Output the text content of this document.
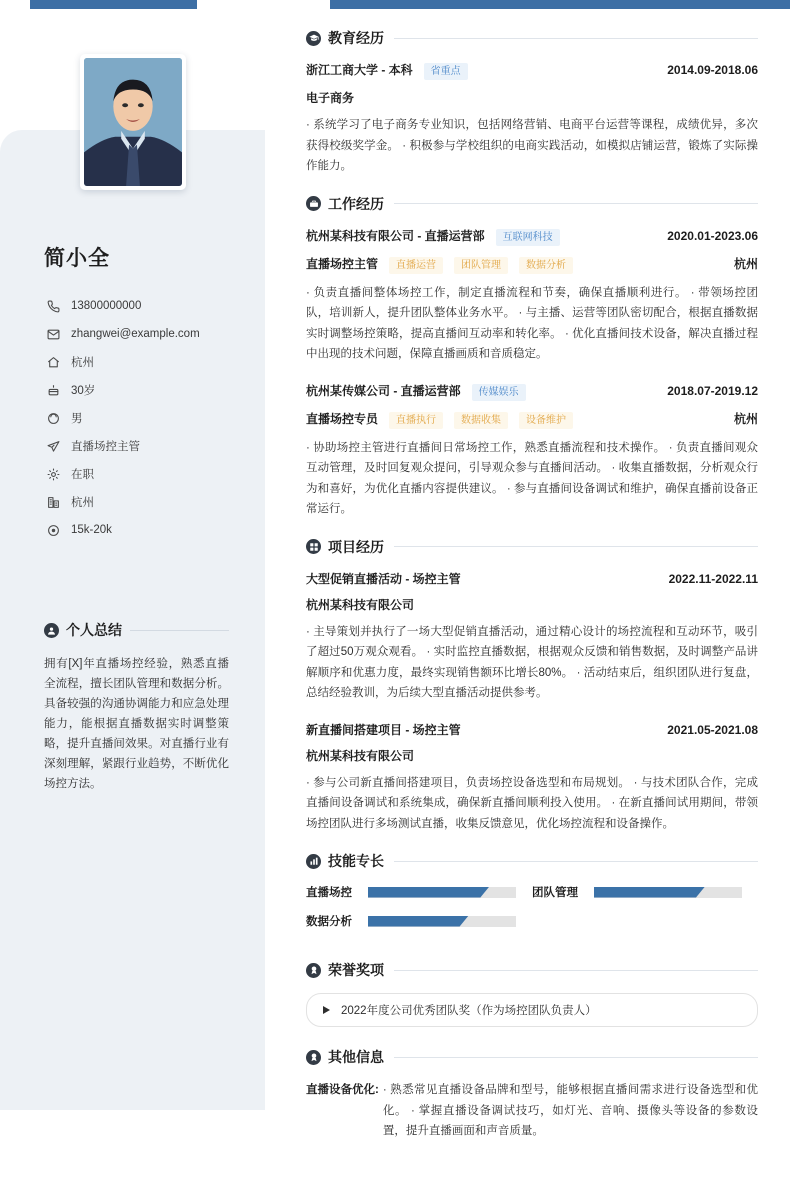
简小全
13800000000
zhangwei@example.com
杭州
30岁
男
直播场控主管
在职
杭州
15k-20k
个人总结
拥有[X]年直播场控经验，熟悉直播全流程，擅长团队管理和数据分析。具备较强的沟通协调能力和应急处理能力，能根据直播数据实时调整策略，提升直播间效果。对直播行业有深刻理解，紧跟行业趋势，不断优化场控方法。
教育经历
浙江工商大学 - 本科	省重点	2014.09-2018.06
电子商务
· 系统学习了电子商务专业知识，包括网络营销、电商平台运营等课程，成绩优异，多次获得校级奖学金。 · 积极参与学校组织的电商实践活动，如模拟店铺运营，锻炼了实际操作能力。
工作经历
杭州某科技有限公司 - 直播运营部	互联网科技	2020.01-2023.06
直播场控主管	直播运营	团队管理	数据分析	杭州
· 负责直播间整体场控工作，制定直播流程和节奏，确保直播顺利进行。 · 带领场控团队，培训新人，提升团队整体业务水平。 · 与主播、运营等团队密切配合，根据直播数据实时调整场控策略，提高直播间互动率和转化率。 · 优化直播间技术设备，解决直播过程中出现的技术问题，保障直播画质和音质稳定。
杭州某传媒公司 - 直播运营部	传媒娱乐	2018.07-2019.12
直播场控专员	直播执行	数据收集	设备维护	杭州
· 协助场控主管进行直播间日常场控工作，熟悉直播流程和技术操作。 · 负责直播间观众互动管理，及时回复观众提问，引导观众参与直播间活动。 · 收集直播数据，分析观众行为和喜好，为优化直播内容提供建议。 · 参与直播间设备调试和维护，确保直播前设备正常运行。
项目经历
大型促销直播活动 - 场控主管	2022.11-2022.11
杭州某科技有限公司
· 主导策划并执行了一场大型促销直播活动，通过精心设计的场控流程和互动环节，吸引了超过50万观众观看。 · 实时监控直播数据，根据观众反馈和销售数据，及时调整产品讲解顺序和优惠力度，最终实现销售额环比增长80%。 · 活动结束后，组织团队进行复盘，总结经验教训，为后续大型直播活动提供参考。
新直播间搭建项目 - 场控主管	2021.05-2021.08
杭州某科技有限公司
· 参与公司新直播间搭建项目，负责场控设备选型和布局规划。 · 与技术团队合作，完成直播间设备调试和系统集成，确保新直播间顺利投入使用。 · 在新直播间试用期间，带领场控团队进行多场测试直播，收集反馈意见，优化场控流程和设备操作。
技能专长
直播场控	团队管理
数据分析
荣誉奖项
2022年度公司优秀团队奖（作为场控团队负责人）
其他信息
直播设备优化: · 熟悉常见直播设备品牌和型号，能够根据直播间需求进行设备选型和优化。 · 掌握直播设备调试技巧，如灯光、音响、摄像头等设备的参数设置，提升直播画面和声音质量。
